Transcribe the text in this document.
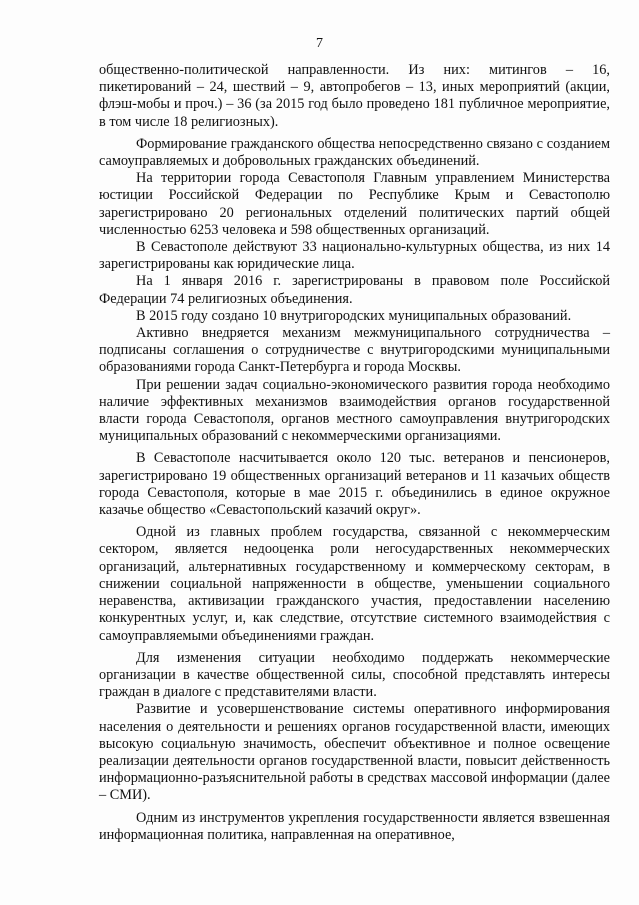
7

общественно-политической направленности. Из них: митингов – 16, пикетирований – 24, шествий – 9, автопробегов – 13, иных мероприятий (акции, флэш-мобы и проч.) – 36 (за 2015 год было проведено 181 публичное мероприятие, в том числе 18 религиозных).

Формирование гражданского общества непосредственно связано с созданием самоуправляемых и добровольных гражданских объединений.

На территории города Севастополя Главным управлением Министерства юстиции Российской Федерации по Республике Крым и Севастополю зарегистрировано 20 региональных отделений политических партий общей численностью 6253 человека и 598 общественных организаций.

В Севастополе действуют 33 национально-культурных общества, из них 14 зарегистрированы как юридические лица.

На 1 января 2016 г. зарегистрированы в правовом поле Российской Федерации 74 религиозных объединения.

В 2015 году создано 10 внутригородских муниципальных образований.

Активно внедряется механизм межмуниципального сотрудничества – подписаны соглашения о сотрудничестве с внутригородскими муниципальными образованиями города Санкт-Петербурга и города Москвы.

При решении задач социально-экономического развития города необходимо наличие эффективных механизмов взаимодействия органов государственной власти города Севастополя, органов местного самоуправления внутригородских муниципальных образований с некоммерческими организациями.

В Севастополе насчитывается около 120 тыс. ветеранов и пенсионеров, зарегистрировано 19 общественных организаций ветеранов и 11 казачьих обществ города Севастополя, которые в мае 2015 г. объединились в единое окружное казачье общество «Севастопольский казачий округ».

Одной из главных проблем государства, связанной с некоммерческим сектором, является недооценка роли негосударственных некоммерческих организаций, альтернативных государственному и коммерческому секторам, в снижении социальной напряженности в обществе, уменьшении социального неравенства, активизации гражданского участия, предоставлении населению конкурентных услуг, и, как следствие, отсутствие системного взаимодействия с самоуправляемыми объединениями граждан.

Для изменения ситуации необходимо поддержать некоммерческие организации в качестве общественной силы, способной представлять интересы граждан в диалоге с представителями власти.

Развитие и усовершенствование системы оперативного информирования населения о деятельности и решениях органов государственной власти, имеющих высокую социальную значимость, обеспечит объективное и полное освещение реализации деятельности органов государственной власти, повысит действенность информационно-разъяснительной работы в средствах массовой информации (далее – СМИ).

Одним из инструментов укрепления государственности является взвешенная информационная политика, направленная на оперативное,
